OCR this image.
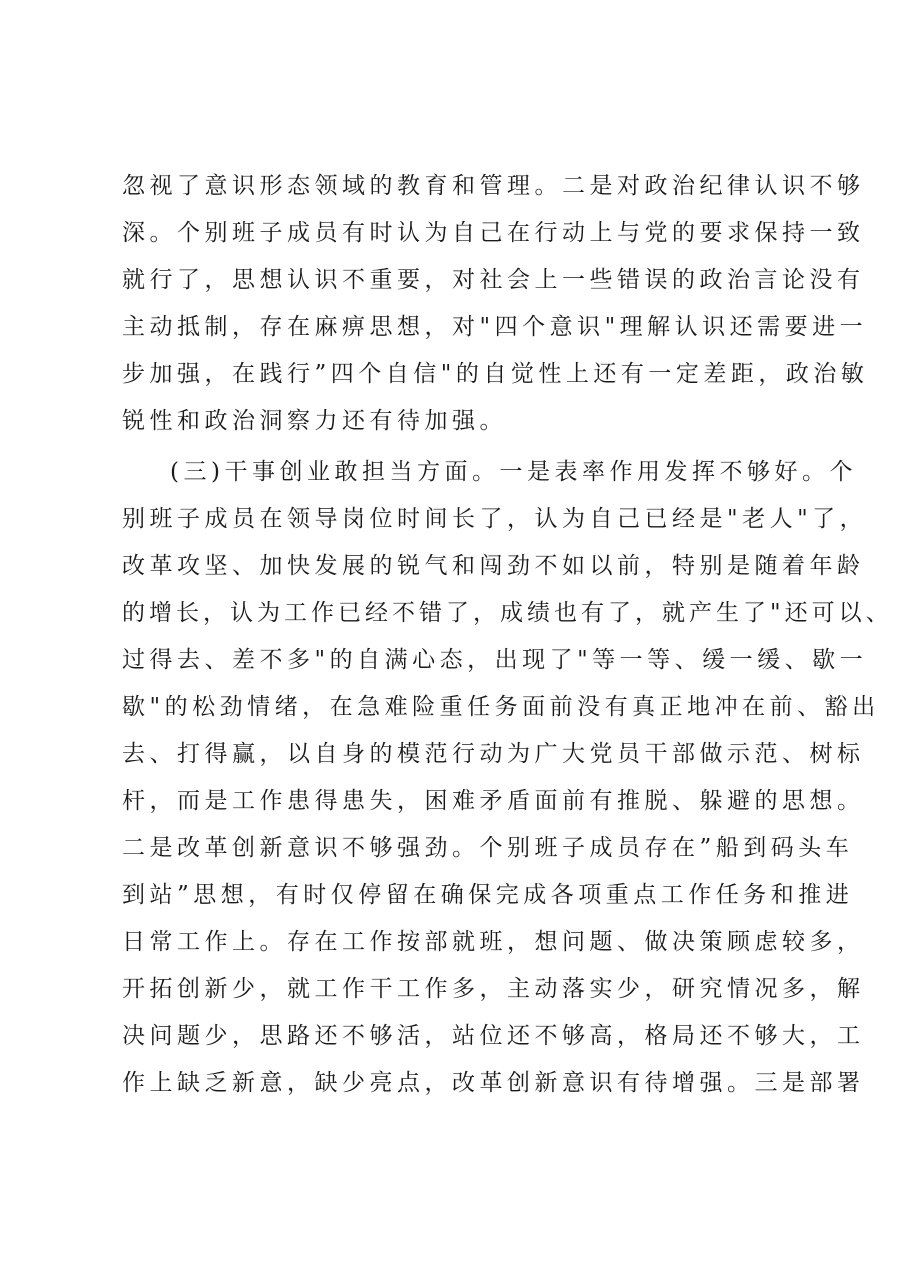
忽视了意识形态领域的教育和管理。二是对政治纪律认识不够
深。个别班子成员有时认为自己在行动上与党的要求保持一致
就行了，思想认识不重要，对社会上一些错误的政治言论没有
主动抵制，存在麻痹思想，对"四个意识"理解认识还需要进一
步加强，在践行”四个自信"的自觉性上还有一定差距，政治敏
锐性和政治洞察力还有待加强。
(三)干事创业敢担当方面。一是表率作用发挥不够好。个
别班子成员在领导岗位时间长了，认为自己已经是"老人"了，
改革攻坚、加快发展的锐气和闯劲不如以前，特别是随着年龄
的增长，认为工作已经不错了，成绩也有了，就产生了"还可以、
过得去、差不多"的自满心态，出现了"等一等、缓一缓、歇一
歇"的松劲情绪，在急难险重任务面前没有真正地冲在前、豁出
去、打得赢，以自身的模范行动为广大党员干部做示范、树标
杆，而是工作患得患失，困难矛盾面前有推脱、躲避的思想。
二是改革创新意识不够强劲。个别班子成员存在”船到码头车
到站”思想，有时仅停留在确保完成各项重点工作任务和推进
日常工作上。存在工作按部就班，想问题、做决策顾虑较多，
开拓创新少，就工作干工作多，主动落实少，研究情况多，解
决问题少，思路还不够活，站位还不够高，格局还不够大，工
作上缺乏新意，缺少亮点，改革创新意识有待增强。三是部署
